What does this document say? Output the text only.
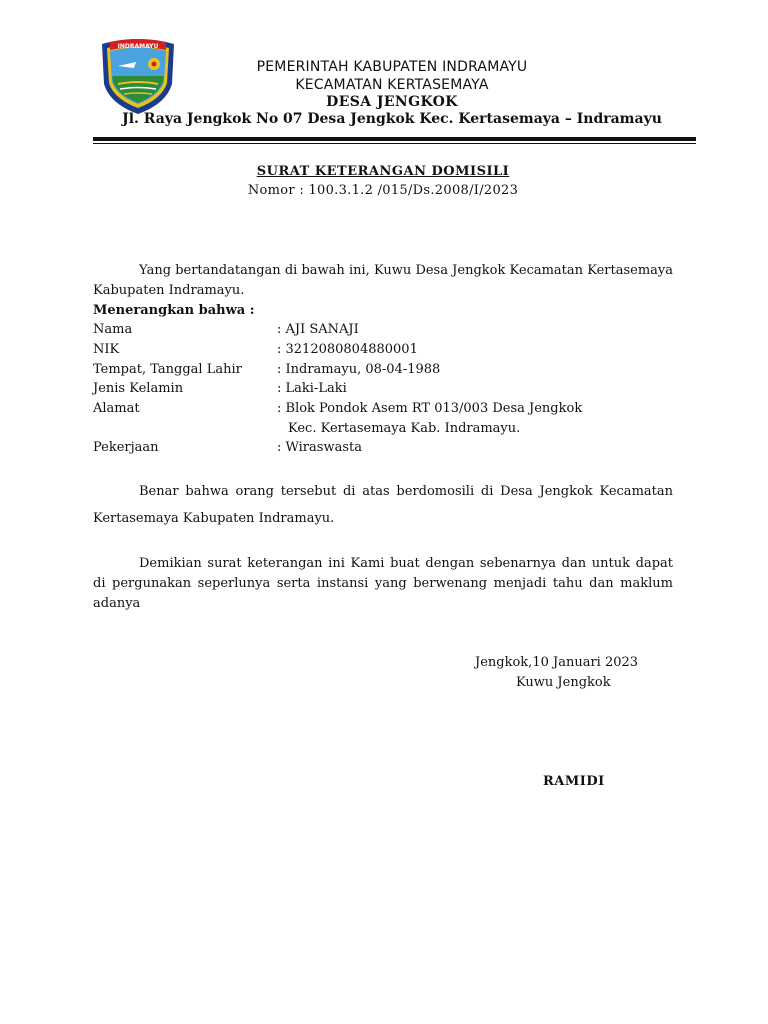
INDRAMAYU
PEMERINTAH KABUPATEN INDRAMAYU
KECAMATAN KERTASEMAYA
DESA JENGKOK
Jl. Raya Jengkok No 07 Desa Jengkok Kec. Kertasemaya – Indramayu
SURAT KETERANGAN DOMISILI
Nomor : 100.3.1.2 /015/Ds.2008/I/2023
Yang bertandatangan di bawah ini, Kuwu Desa Jengkok Kecamatan Kertasemaya Kabupaten Indramayu.
Menerangkan bahwa :
Nama	: AJI SANAJI
NIK	: 3212080804880001
Tempat, Tanggal Lahir	: Indramayu, 08-04-1988
Jenis Kelamin	: Laki-Laki
Alamat	: Blok Pondok Asem RT 013/003 Desa Jengkok
Kec. Kertasemaya Kab. Indramayu.
Pekerjaan	: Wiraswasta
Benar bahwa orang tersebut di atas berdomosili di Desa Jengkok Kecamatan Kertasemaya Kabupaten Indramayu.
Demikian surat keterangan ini Kami buat dengan sebenarnya dan untuk dapat di pergunakan seperlunya serta instansi yang berwenang menjadi tahu dan maklum adanya
Jengkok,10 Januari 2023
Kuwu Jengkok
RAMIDI
